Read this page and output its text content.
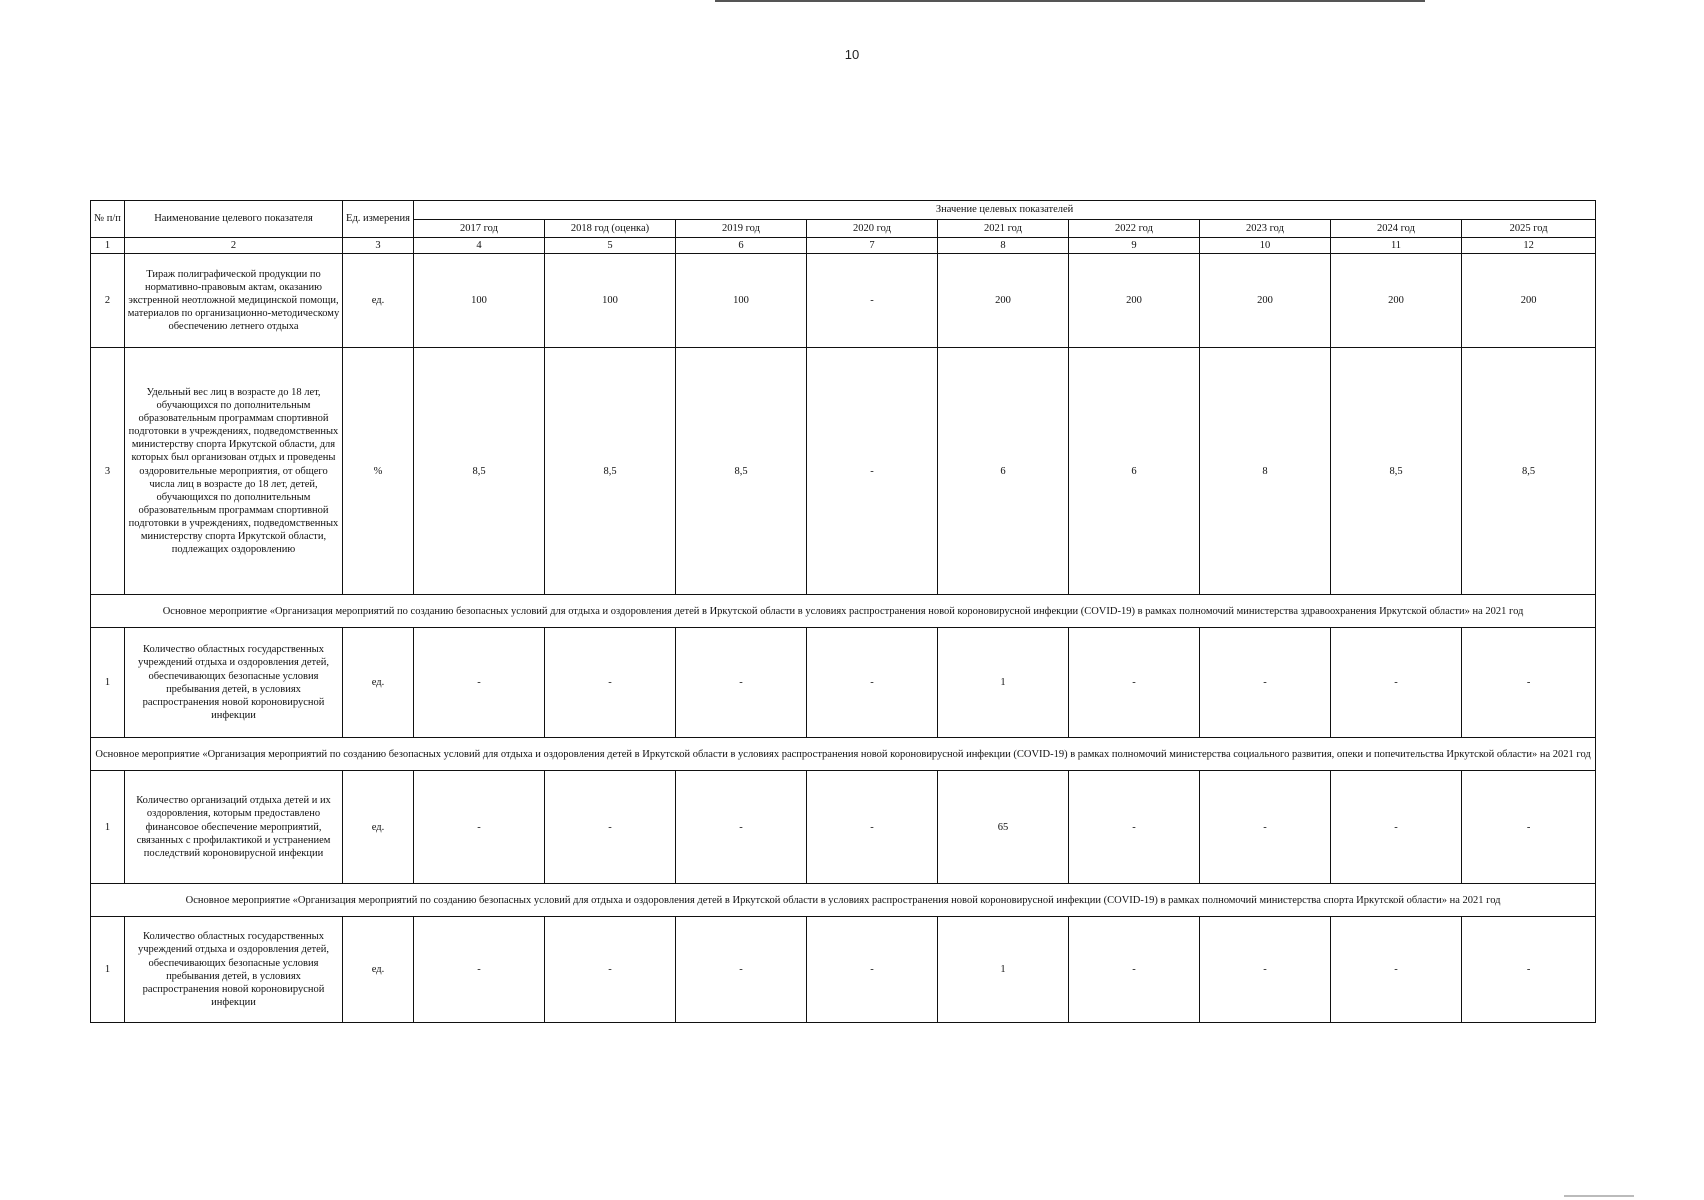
10
№ п/п	Наименование целевого показателя	Ед. измерения	Значение целевых показателей								
			2017 год	2018 год (оценка)	2019 год	2020 год	2021 год	2022 год	2023 год	2024 год	2025 год
1	2	3	4	5	6	7	8	9	10	11	12
2	Тираж полиграфической продукции по нормативно-правовым актам, оказанию экстренной неотложной медицинской помощи, материалов по организационно-методическому обеспечению летнего отдыха	ед.	100	100	100	-	200	200	200	200	200
3	Удельный вес лиц в возрасте до 18 лет, обучающихся по дополнительным образовательным программам спортивной подготовки в учреждениях, подведомственных министерству спорта Иркутской области, для которых был организован отдых и проведены оздоровительные мероприятия, от общего числа лиц в возрасте до 18 лет, детей, обучающихся по дополнительным образовательным программам спортивной подготовки в учреждениях, подведомственных министерству спорта Иркутской области, подлежащих оздоровлению	%	8,5	8,5	8,5	-	6	6	8	8,5	8,5
Основное мероприятие «Организация мероприятий по созданию безопасных условий для отдыха и оздоровления детей в Иркутской области в условиях распространения новой короновирусной инфекции (COVID-19) в рамках полномочий министерства здравоохранения Иркутской области» на 2021 год											
1	Количество областных государственных учреждений отдыха и оздоровления детей, обеспечивающих безопасные условия пребывания детей, в условиях распространения новой короновирусной инфекции	ед.	-	-	-	-	1	-	-	-	-
Основное мероприятие «Организация мероприятий по созданию безопасных условий для отдыха и оздоровления детей в Иркутской области в условиях распространения новой короновирусной инфекции (COVID-19) в рамках полномочий министерства социального развития, опеки и попечительства Иркутской области» на 2021 год											
1	Количество организаций отдыха детей и их оздоровления, которым предоставлено финансовое обеспечение мероприятий, связанных с профилактикой и устранением последствий короновирусной инфекции	ед.	-	-	-	-	65	-	-	-	-
Основное мероприятие «Организация мероприятий по созданию безопасных условий для отдыха и оздоровления детей в Иркутской области в условиях распространения новой короновирусной инфекции (COVID-19) в рамках полномочий министерства спорта Иркутской области» на 2021 год											
1	Количество областных государственных учреждений отдыха и оздоровления детей, обеспечивающих безопасные условия пребывания детей, в условиях распространения новой короновирусной инфекции	ед.	-	-	-	-	1	-	-	-	-
